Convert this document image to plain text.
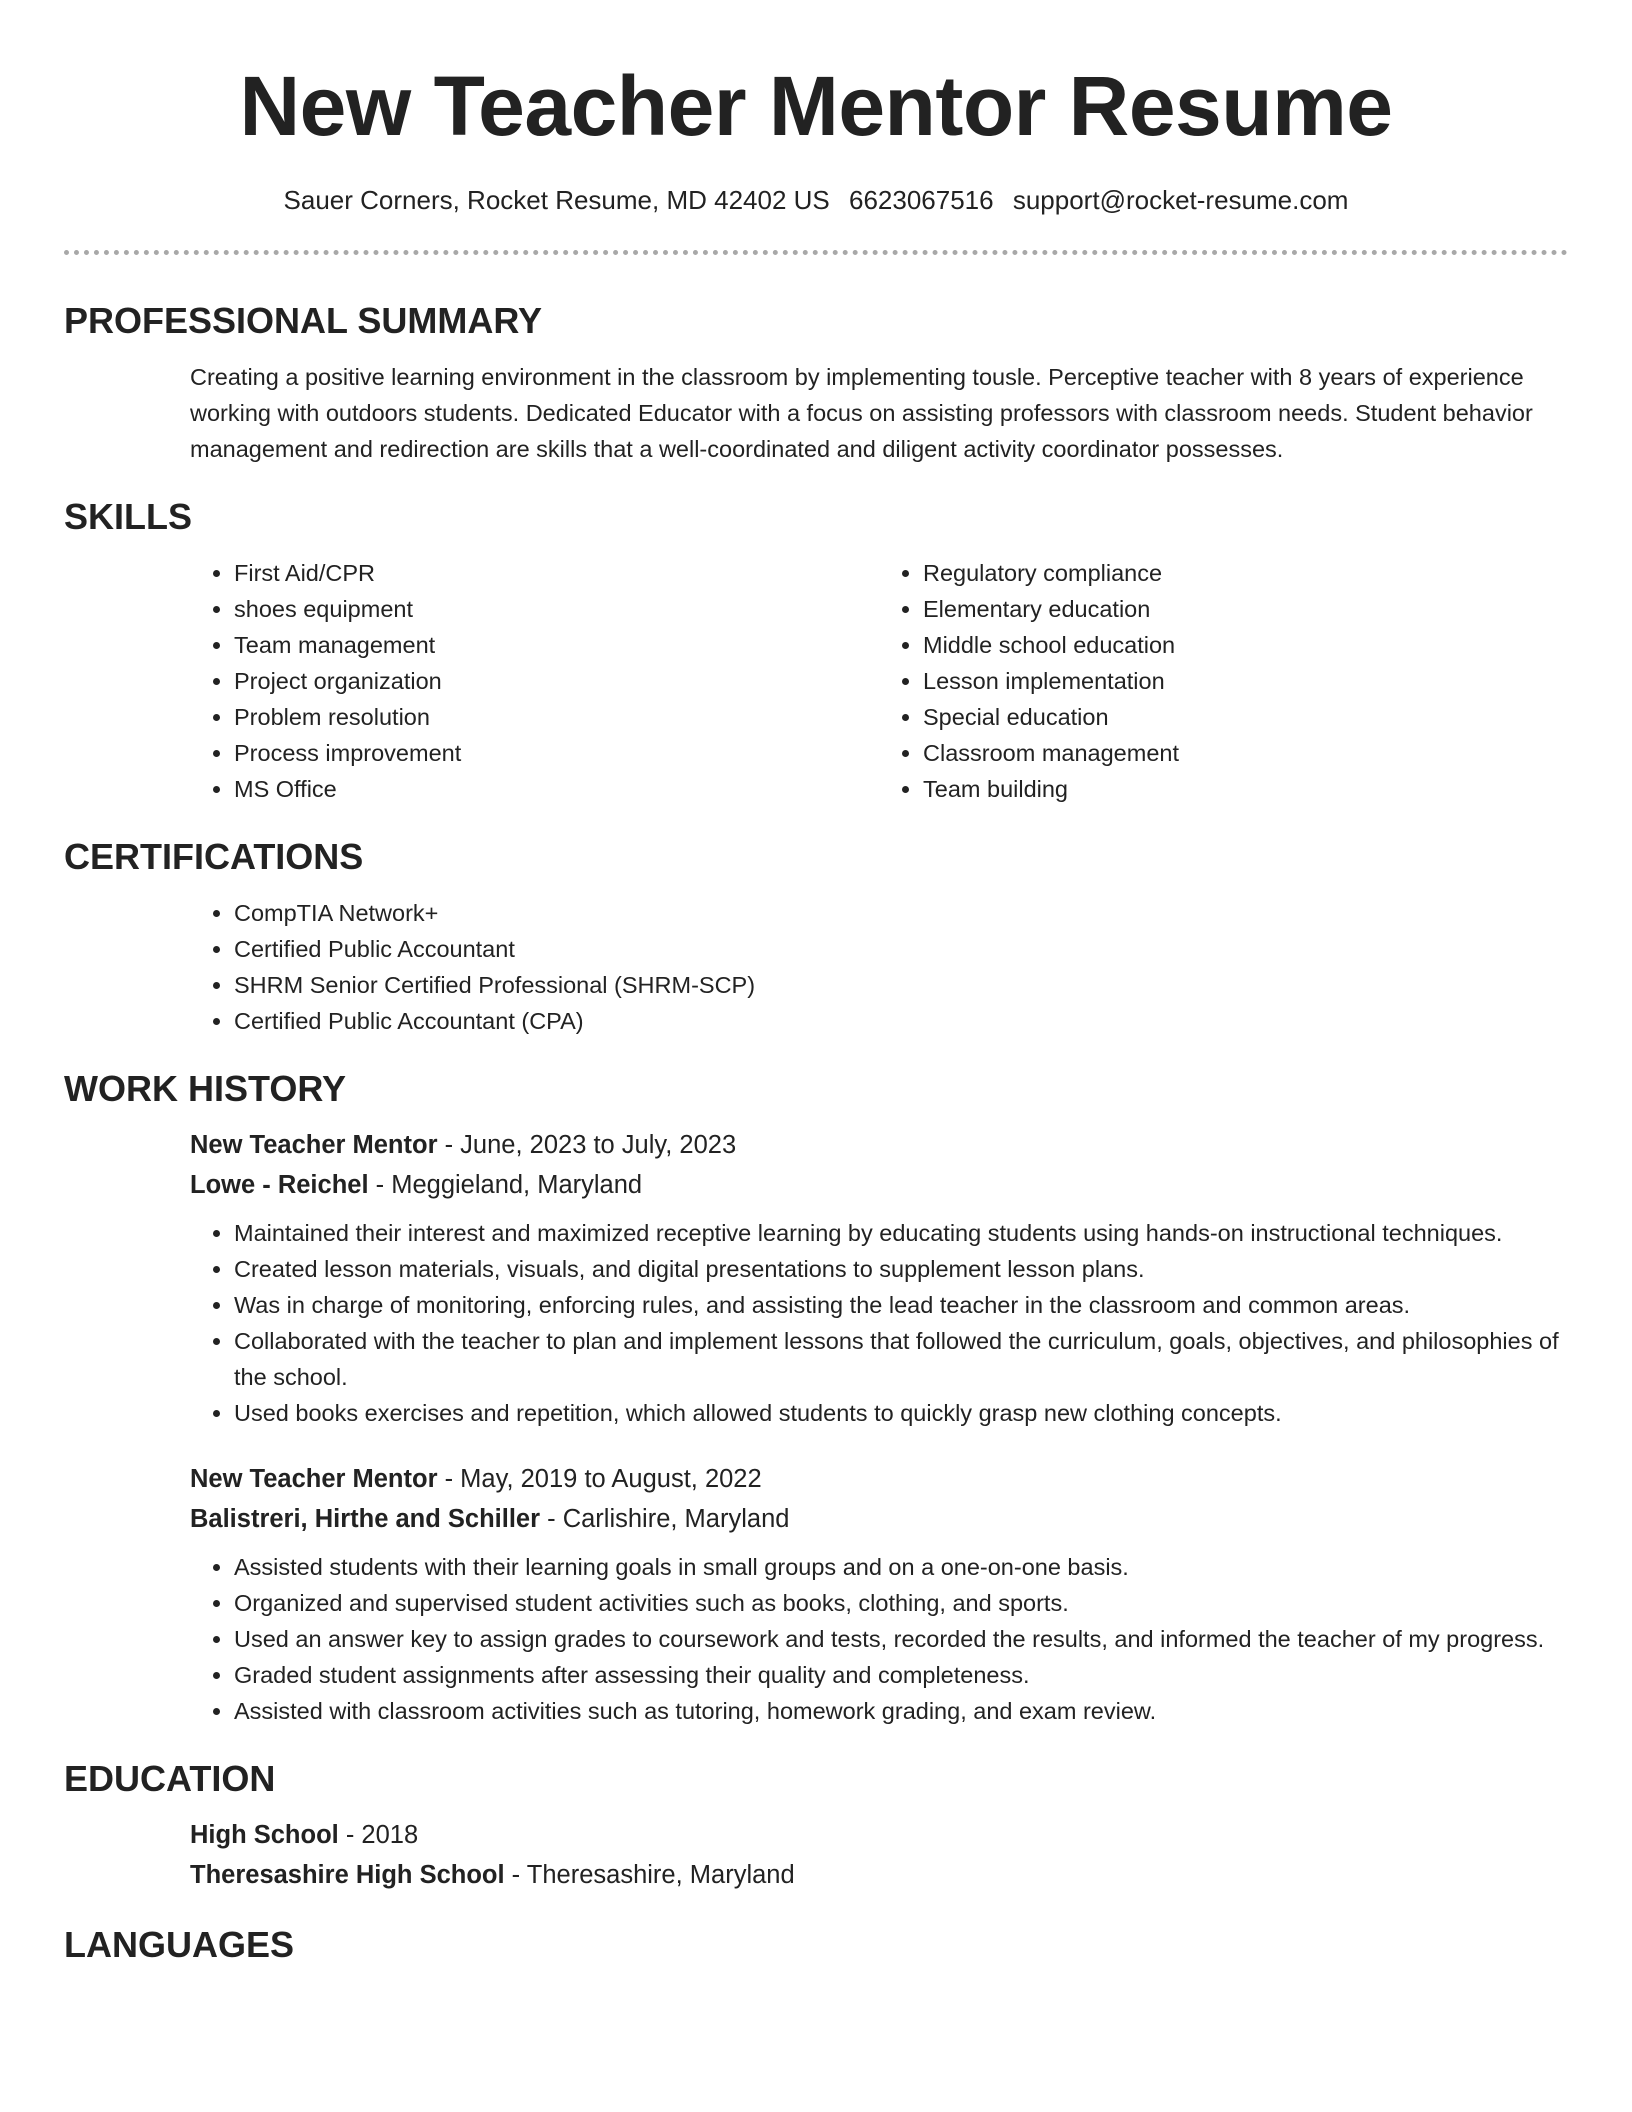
New Teacher Mentor Resume
Sauer Corners, Rocket Resume, MD 42402 US 6623067516 support@rocket-resume.com
PROFESSIONAL SUMMARY

Creating a positive learning environment in the classroom by implementing tousle. Perceptive teacher with 8 years of experience working with outdoors students. Dedicated Educator with a focus on assisting professors with classroom needs. Student behavior management and redirection are skills that a well-coordinated and diligent activity coordinator possesses.

SKILLS
• First Aid/CPR
• shoes equipment
• Team management
• Project organization
• Problem resolution
• Process improvement
• MS Office
• Regulatory compliance
• Elementary education
• Middle school education
• Lesson implementation
• Special education
• Classroom management
• Team building
CERTIFICATIONS
• CompTIA Network+
• Certified Public Accountant
• SHRM Senior Certified Professional (SHRM-SCP)
• Certified Public Accountant (CPA)
WORK HISTORY
New Teacher Mentor - June, 2023 to July, 2023
Lowe - Reichel - Meggieland, Maryland
• Maintained their interest and maximized receptive learning by educating students using hands-on instructional techniques.
• Created lesson materials, visuals, and digital presentations to supplement lesson plans.
• Was in charge of monitoring, enforcing rules, and assisting the lead teacher in the classroom and common areas.
• Collaborated with the teacher to plan and implement lessons that followed the curriculum, goals, objectives, and philosophies of the school.
• Used books exercises and repetition, which allowed students to quickly grasp new clothing concepts.
New Teacher Mentor - May, 2019 to August, 2022
Balistreri, Hirthe and Schiller - Carlishire, Maryland
• Assisted students with their learning goals in small groups and on a one-on-one basis.
• Organized and supervised student activities such as books, clothing, and sports.
• Used an answer key to assign grades to coursework and tests, recorded the results, and informed the teacher of my progress.
• Graded student assignments after assessing their quality and completeness.
• Assisted with classroom activities such as tutoring, homework grading, and exam review.
EDUCATION
High School - 2018
Theresashire High School - Theresashire, Maryland
LANGUAGES
